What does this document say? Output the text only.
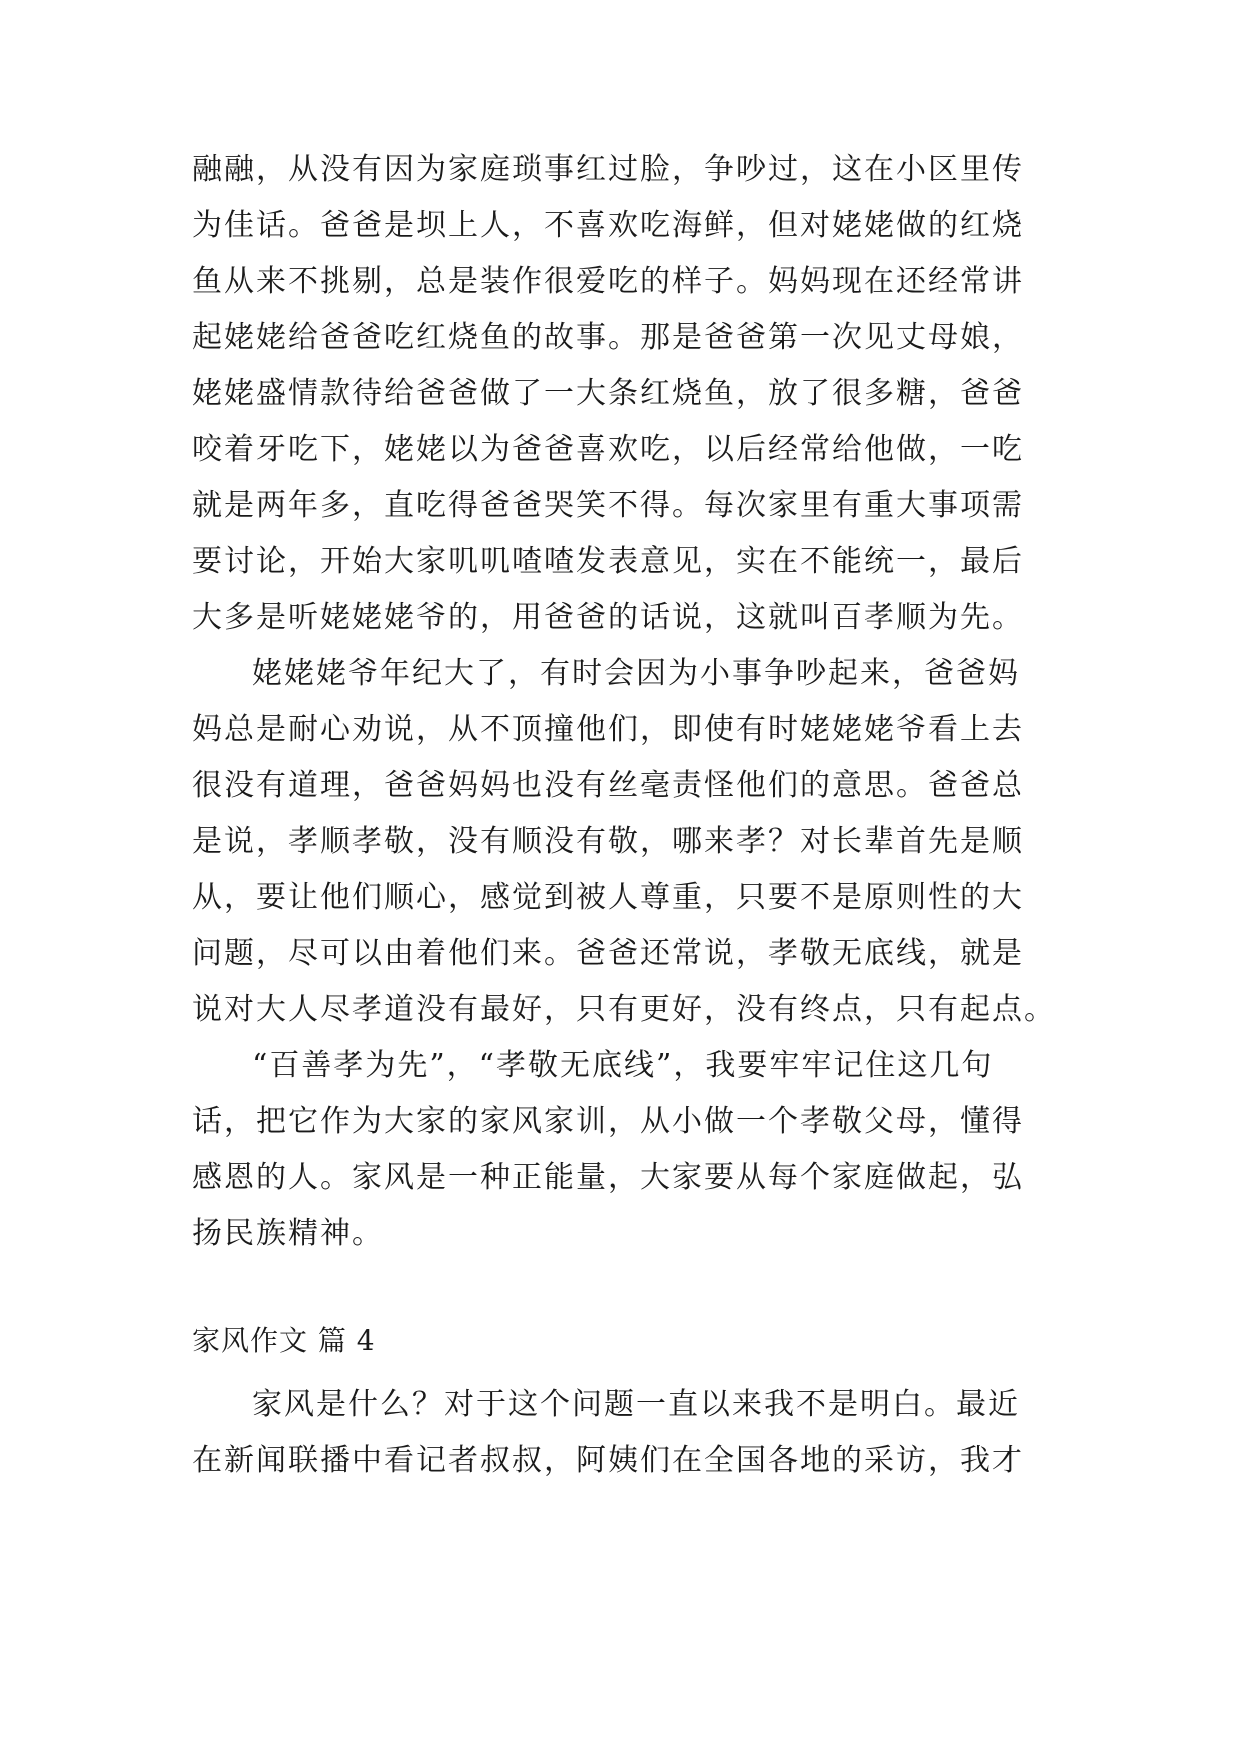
融融，从没有因为家庭琐事红过脸，争吵过，这在小区里传
为佳话。爸爸是坝上人，不喜欢吃海鲜，但对姥姥做的红烧
鱼从来不挑剔，总是装作很爱吃的样子。妈妈现在还经常讲
起姥姥给爸爸吃红烧鱼的故事。那是爸爸第一次见丈母娘，
姥姥盛情款待给爸爸做了一大条红烧鱼，放了很多糖，爸爸
咬着牙吃下，姥姥以为爸爸喜欢吃，以后经常给他做，一吃
就是两年多，直吃得爸爸哭笑不得。每次家里有重大事项需
要讨论，开始大家叽叽喳喳发表意见，实在不能统一，最后
大多是听姥姥姥爷的，用爸爸的话说，这就叫百孝顺为先。
姥姥姥爷年纪大了，有时会因为小事争吵起来，爸爸妈
妈总是耐心劝说，从不顶撞他们，即使有时姥姥姥爷看上去
很没有道理，爸爸妈妈也没有丝毫责怪他们的意思。爸爸总
是说，孝顺孝敬，没有顺没有敬，哪来孝？对长辈首先是顺
从，要让他们顺心，感觉到被人尊重，只要不是原则性的大
问题，尽可以由着他们来。爸爸还常说，孝敬无底线，就是
说对大人尽孝道没有最好，只有更好，没有终点，只有起点。
“百善孝为先”，“孝敬无底线”，我要牢牢记住这几句
话，把它作为大家的家风家训，从小做一个孝敬父母，懂得
感恩的人。家风是一种正能量，大家要从每个家庭做起，弘
扬民族精神。
家风作文 篇 4
家风是什么？对于这个问题一直以来我不是明白。最近
在新闻联播中看记者叔叔，阿姨们在全国各地的采访，我才
